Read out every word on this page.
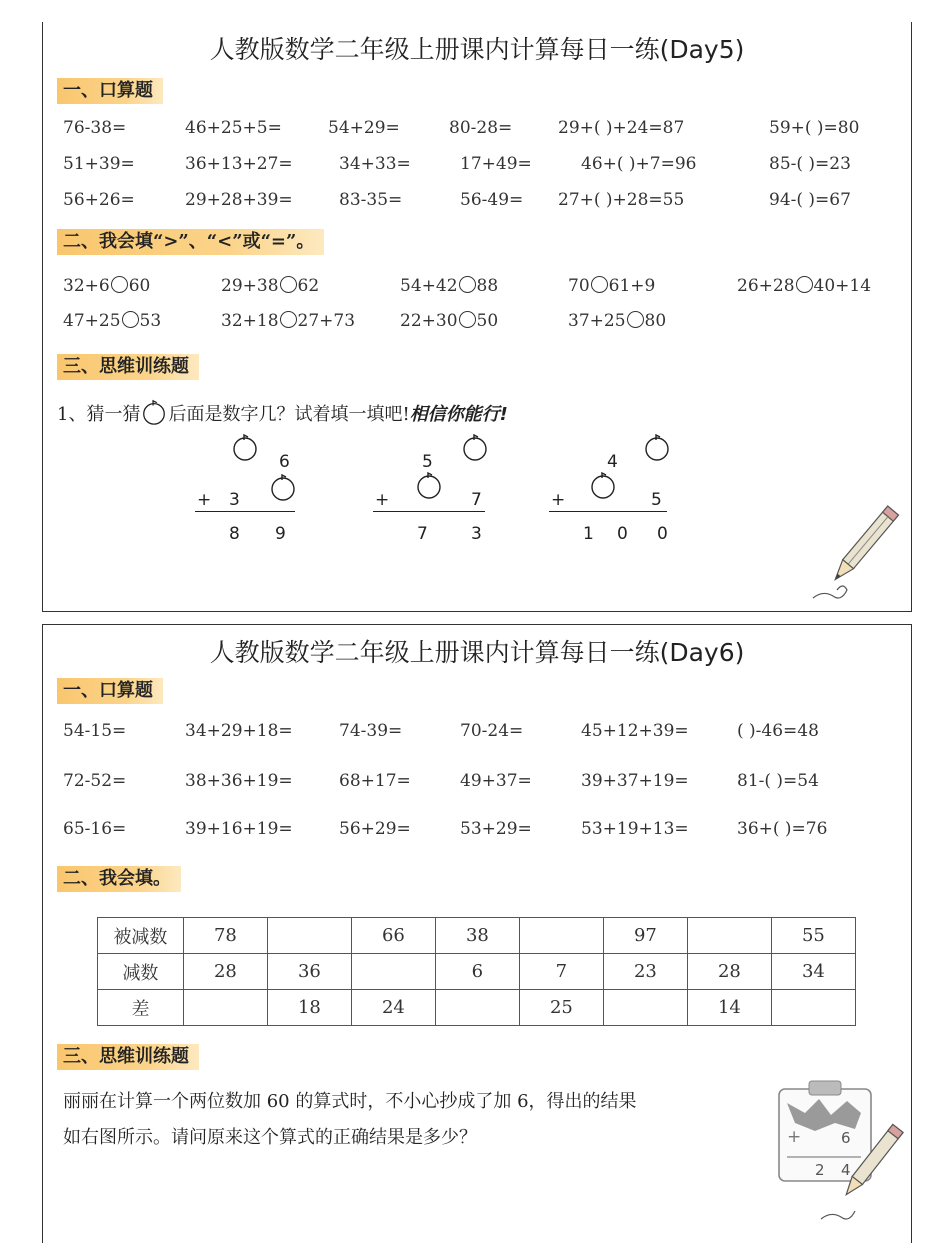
人教版数学二年级上册课内计算每日一练(Day5)
一、口算题
76-38=	46+25+5=	54+29=	80-28=	29+( )+24=87	59+( )=80
51+39=	36+13+27=	34+33=	17+49=	46+( )+7=96	85-( )=23
56+26=	29+28+39=	83-35=	56-49= 27+( )+28=55	94-( )=67
二、我会填“>”、“<”或“=”。
32+6 60	29+38 62	54+42 88	70 61+9	26+28 40+14
47+25 53	32+18 27+73	22+30 50	37+25 80
三、思维训练题
1、猜一猜 后面是数字几？试着填一填吧!相信你能行!
6
+ 3
8 9
5
+	7
7	3
4
+	5
1 0 0
人教版数学二年级上册课内计算每日一练(Day6)
一、口算题
54-15=	34+29+18=	74-39=	70-24=	45+12+39=	( )-46=48
72-52=	38+36+19=	68+17=	49+37=	39+37+19=	81-( )=54
65-16=	39+16+19=	56+29=	53+29=	53+19+13=	36+( )=76
二、我会填。
被减数	78		66	38		97		55
减数	28	36		6	7	23	28	34
差		18	24		25		14	
三、思维训练题
丽丽在计算一个两位数加 60 的算式时，不小心抄成了加 6，得出的结果
如右图所示。请问原来这个算式的正确结果是多少？	+	6
2 4
